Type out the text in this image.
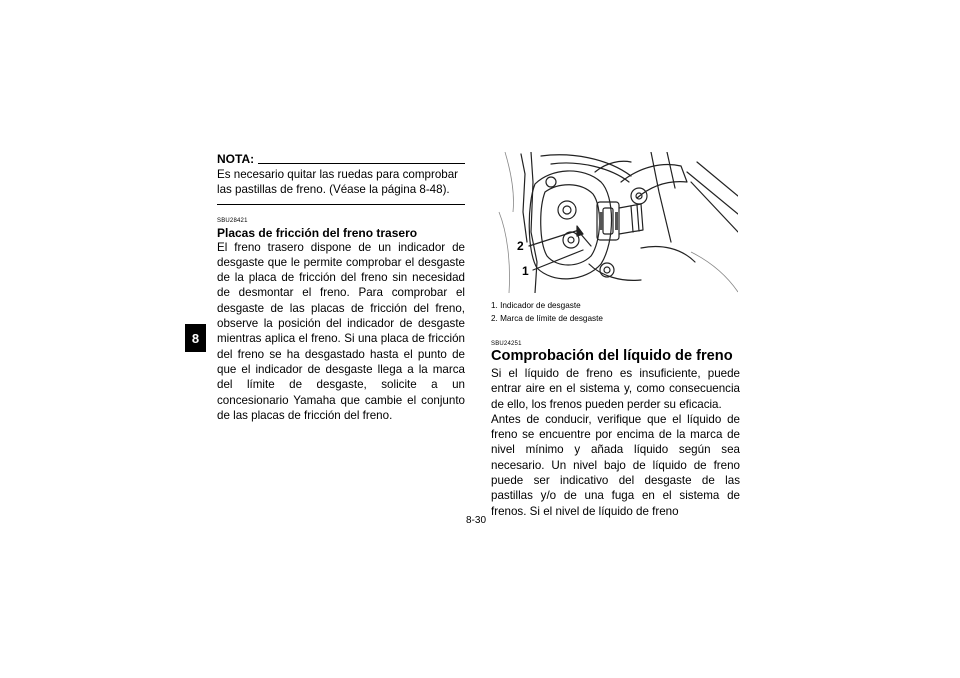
8
NOTA:
Es necesario quitar las ruedas para comprobar las pastillas de freno. (Véase la página 8-48).
SBU28421
Placas de fricción del freno trasero
El freno trasero dispone de un indicador de desgaste que le permite comprobar el desgaste de la placa de fricción del freno sin necesidad de desmontar el freno. Para comprobar el desgaste de las placas de fricción del freno, observe la posición del indicador de desgaste mientras aplica el freno. Si una placa de fricción del freno se ha desgastado hasta el punto de que el indicador de desgaste llega a la marca del límite de desgaste, solicite a un concesionario Yamaha que cambie el conjunto de las placas de fricción del freno.
2
1
1. Indicador de desgaste
2. Marca de límite de desgaste
SBU24251
Comprobación del líquido de freno
Si el líquido de freno es insuficiente, puede entrar aire en el sistema y, como consecuencia de ello, los frenos pueden perder su eficacia.
Antes de conducir, verifique que el líquido de freno se encuentre por encima de la marca de nivel mínimo y añada líquido según sea necesario. Un nivel bajo de líquido de freno puede ser indicativo del desgaste de las pastillas y/o de una fuga en el sistema de frenos. Si el nivel de líquido de freno
8-30
